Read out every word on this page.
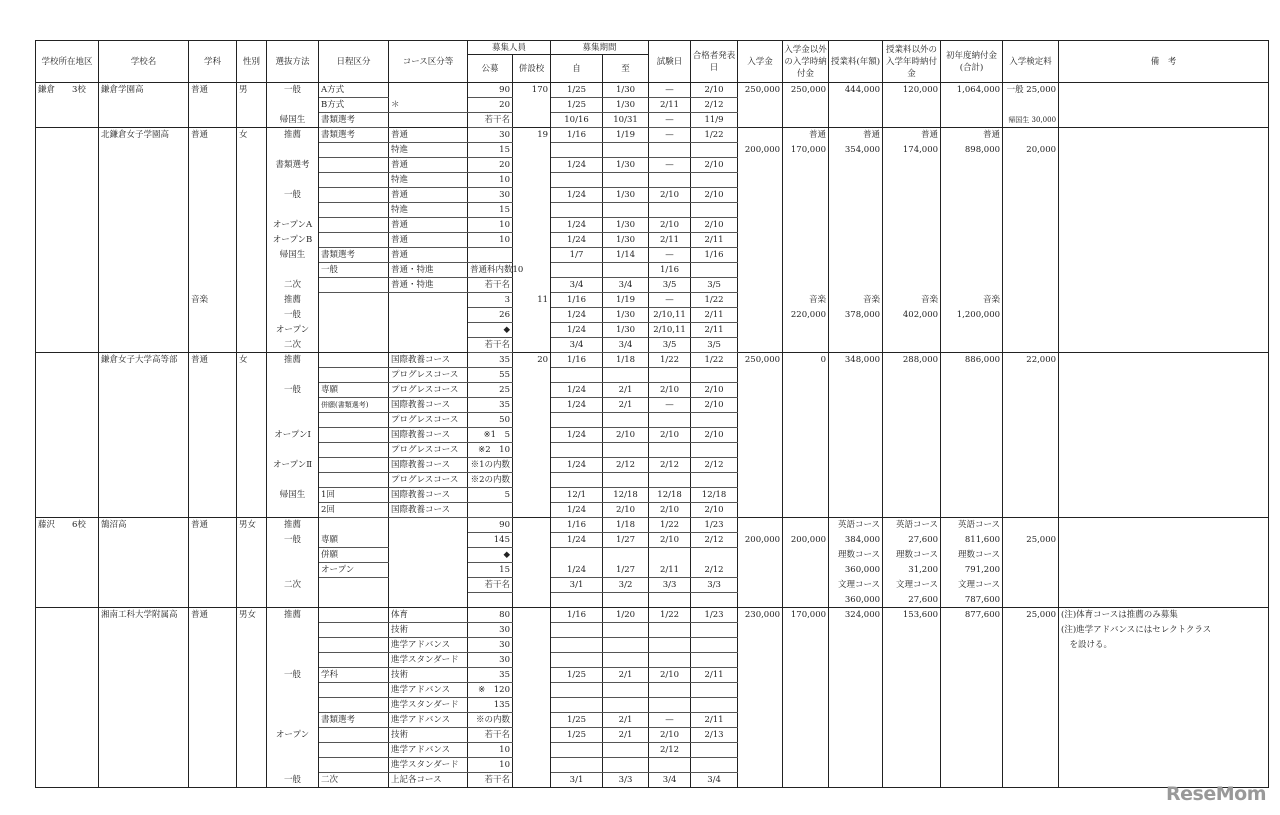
学校所在地区	学校名	学科	性別	選抜方法	日程区分	コース区分等	募集人員		募集期間		試験日	合格者発表日	入学金	入学金以外の入学時納付金	授業料(年額)	授業料以外の入学年時納付金	初年度納付金(合計)	入学検定料	備　考
							公募	併設校	自	至									
鎌倉　　3校	鎌倉学園高	普通	男	一般	A方式		90	170	1/25	1/30	—	2/10	250,000	250,000	444,000	120,000	1,064,000	一般 25,000	
					B方式	＊	20		1/25	1/30	2/11	2/12							
				帰国生	書類選考		若干名		10/16	10/31	—	11/9						帰国生 30,000	
	北鎌倉女子学園高	普通	女	推薦	書類選考	普通	30	19	1/16	1/19	—	1/22		普通	普通	普通	普通		
						特進	15						200,000	170,000	354,000	174,000	898,000	20,000	
				書類選考		普通	20		1/24	1/30	—	2/10							
						特進	10												
				一般		普通	30		1/24	1/30	2/10	2/10							
						特進	15												
				オープンA		普通	10		1/24	1/30	2/10	2/10							
				オープンB		普通	10		1/24	1/30	2/11	2/11							
				帰国生	書類選考	普通			1/7	1/14	—	1/16							
					一般	普通・特進	普通科内数10				1/16								
				二次		普通・特進	若干名		3/4	3/4	3/5	3/5							
		音楽		推薦			3	11	1/16	1/19	—	1/22		音楽	音楽	音楽	音楽		
				一般			26		1/24	1/30	2/10,11	2/11		220,000	378,000	402,000	1,200,000		
				オープン			◆		1/24	1/30	2/10,11	2/11							
				二次			若干名		3/4	3/4	3/5	3/5							
	鎌倉女子大学高等部	普通	女	推薦		国際教養コース	35	20	1/16	1/18	1/22	1/22	250,000	0	348,000	288,000	886,000	22,000	
						プログレスコース	55												
				一般	専願	プログレスコース	25		1/24	2/1	2/10	2/10							
					併願(書類選考)	国際教養コース	35		1/24	2/1	—	2/10							
						プログレスコース	50												
				オープンⅠ		国際教養コース	※1　5		1/24	2/10	2/10	2/10							
						プログレスコース	※2　10												
				オープンⅡ		国際教養コース	※1の内数		1/24	2/12	2/12	2/12							
						プログレスコース	※2の内数												
				帰国生	1回	国際教養コース	5		12/1	12/18	12/18	12/18							
					2回	国際教養コース			1/24	2/10	2/10	2/10							
藤沢　　6校	鵠沼高	普通	男女	推薦			90		1/16	1/18	1/22	1/23			英語コース	英語コース	英語コース		
				一般	専願		145		1/24	1/27	2/10	2/12	200,000	200,000	384,000	27,600	811,600	25,000	
					併願		◆								理数コース	理数コース	理数コース		
					オープン		15		1/24	1/27	2/11	2/12			360,000	31,200	791,200		
				二次			若干名		3/1	3/2	3/3	3/3			文理コース	文理コース	文理コース		
															360,000	27,600	787,600		
	湘南工科大学附属高	普通	男女	推薦		体育	80		1/16	1/20	1/22	1/23	230,000	170,000	324,000	153,600	877,600	25,000	(注)体育コースは推薦のみ募集
						技術	30												(注)進学アドバンスにはセレクトクラス
						進学アドバンス	30												　を設ける。
						進学スタンダード	30												
				一般	学科	技術	35		1/25	2/1	2/10	2/11							
						進学アドバンス	※　120												
						進学スタンダード	135												
					書類選考	進学アドバンス	※の内数		1/25	2/1	—	2/11							
				オープン		技術	若干名		1/25	2/1	2/10	2/13							
						進学アドバンス	10				2/12								
						進学スタンダード	10												
				一般	二次	上記各コース	若干名		3/1	3/3	3/4	3/4							
ReseMom
